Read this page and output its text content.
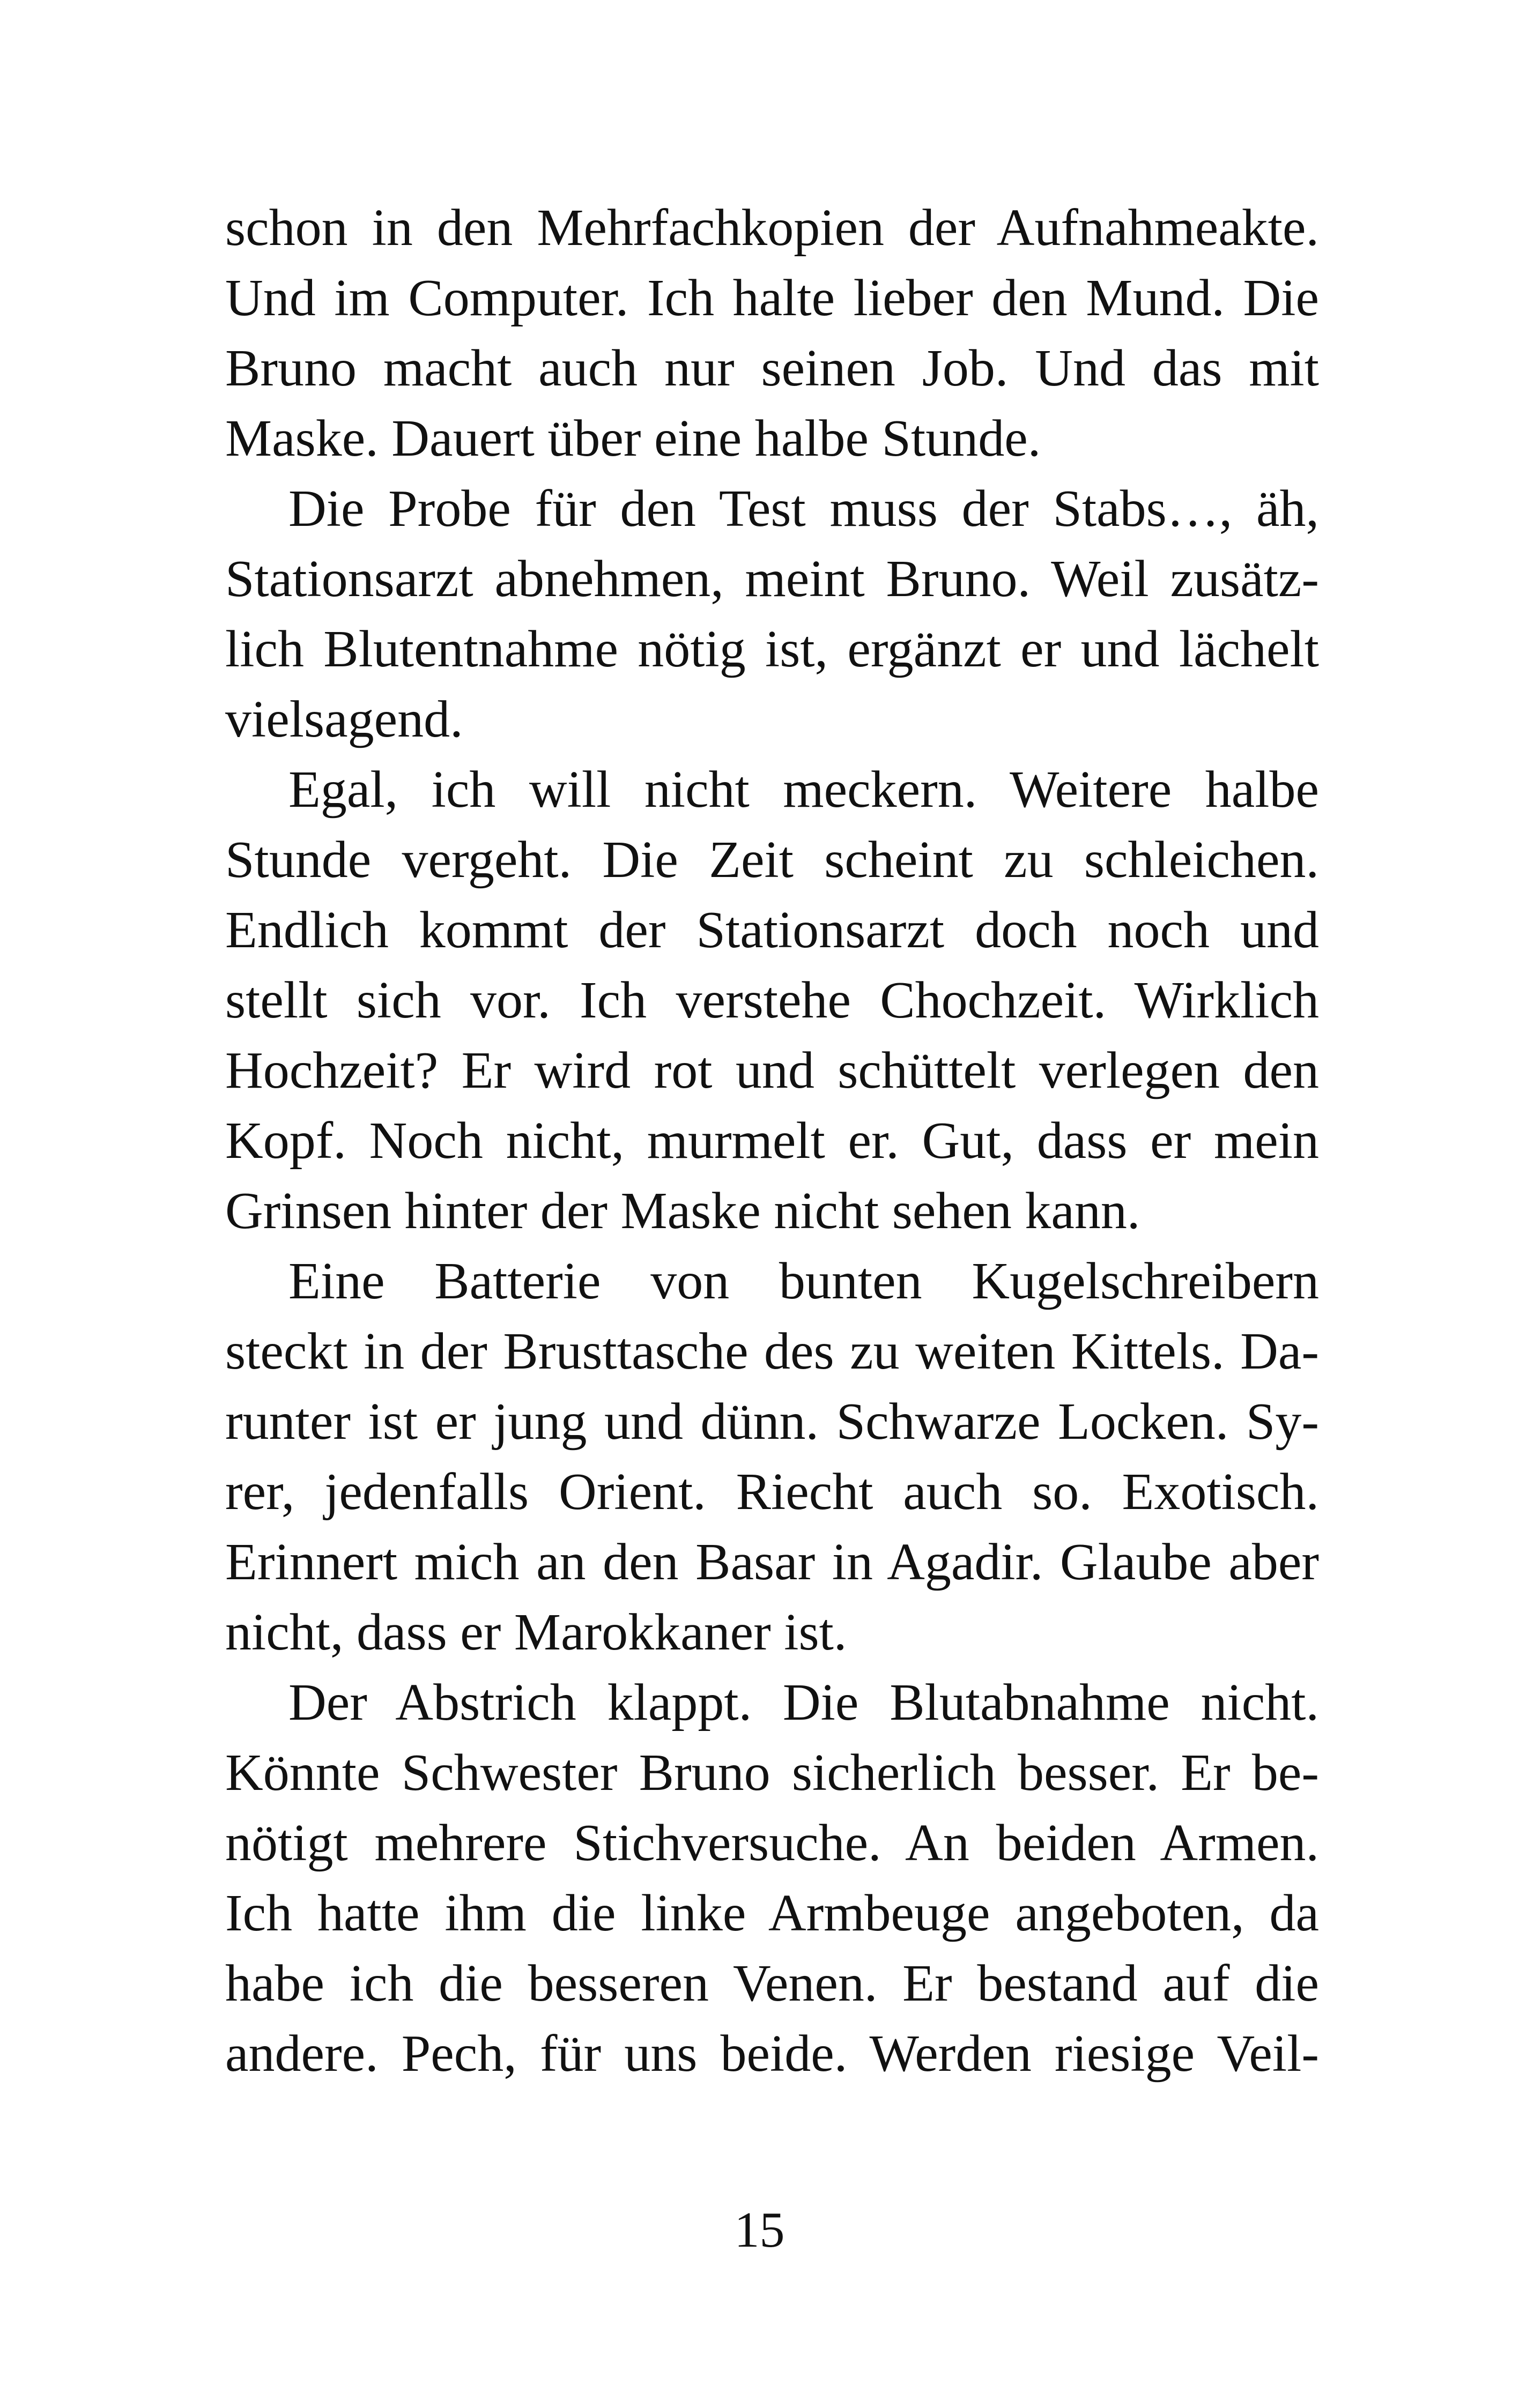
schon in den Mehrfachkopien der Aufnahmeakte.
Und im Computer. Ich halte lieber den Mund. Die
Bruno macht auch nur seinen Job. Und das mit
Maske. Dauert über eine halbe Stunde.
Die Probe für den Test muss der Stabs…, äh,
Stationsarzt abnehmen, meint Bruno. Weil zusätz-
lich Blutentnahme nötig ist, ergänzt er und lächelt
vielsagend.
Egal, ich will nicht meckern. Weitere halbe
Stunde vergeht. Die Zeit scheint zu schleichen.
Endlich kommt der Stationsarzt doch noch und
stellt sich vor. Ich verstehe Chochzeit. Wirklich
Hochzeit? Er wird rot und schüttelt verlegen den
Kopf. Noch nicht, murmelt er. Gut, dass er mein
Grinsen hinter der Maske nicht sehen kann.
Eine Batterie von bunten Kugelschreibern
steckt in der Brusttasche des zu weiten Kittels. Da-
runter ist er jung und dünn. Schwarze Locken. Sy-
rer, jedenfalls Orient. Riecht auch so. Exotisch.
Erinnert mich an den Basar in Agadir. Glaube aber
nicht, dass er Marokkaner ist.
Der Abstrich klappt. Die Blutabnahme nicht.
Könnte Schwester Bruno sicherlich besser. Er be-
nötigt mehrere Stichversuche. An beiden Armen.
Ich hatte ihm die linke Armbeuge angeboten, da
habe ich die besseren Venen. Er bestand auf die
andere. Pech, für uns beide. Werden riesige Veil-
15
